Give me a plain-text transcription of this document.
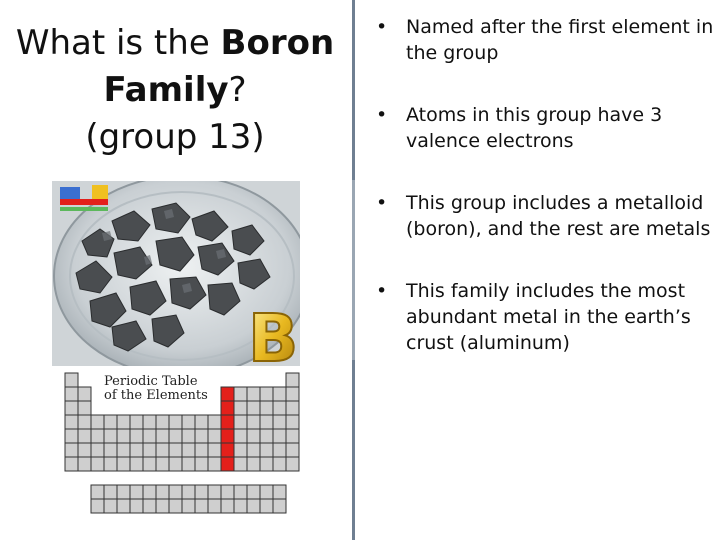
What is the Boron
Family?
(group 13)
B
Periodic Table
of the Elements
• Named after the first element in the group
• Atoms in this group have 3 valence electrons
• This group includes a metalloid (boron), and the rest are metals
• This family includes the most abundant metal in the earth’s crust (aluminum)
